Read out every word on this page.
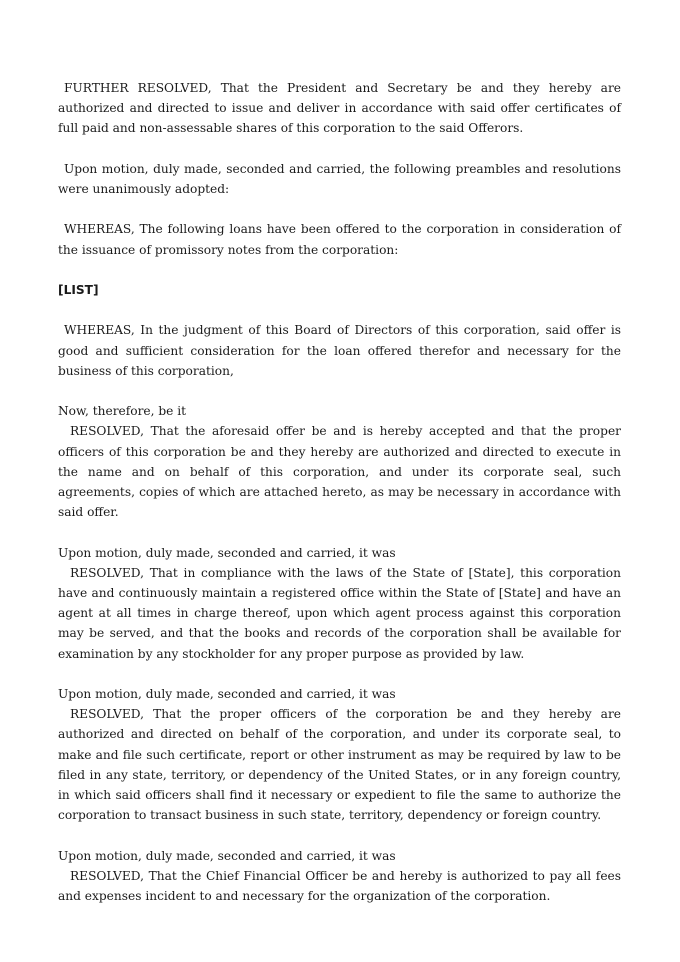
FURTHER RESOLVED, That the President and Secretary be and they hereby are authorized and directed to issue and deliver in accordance with said offer certificates of full paid and non-assessable shares of this corporation to the said Offerors.

Upon motion, duly made, seconded and carried, the following preambles and resolutions were unanimously adopted:

WHEREAS, The following loans have been offered to the corporation in consideration of the issuance of promissory notes from the corporation:

[LIST]

WHEREAS, In the judgment of this Board of Directors of this corporation, said offer is good and sufficient consideration for the loan offered therefor and necessary for the business of this corporation,

Now, therefore, be it
RESOLVED, That the aforesaid offer be and is hereby accepted and that the proper officers of this corporation be and they hereby are authorized and directed to execute in the name and on behalf of this corporation, and under its corporate seal, such agreements, copies of which are attached hereto, as may be necessary in accordance with said offer.
Upon motion, duly made, seconded and carried, it was
RESOLVED, That in compliance with the laws of the State of [State], this corporation have and continuously maintain a registered office within the State of [State] and have an agent at all times in charge thereof, upon which agent process against this corporation may be served, and that the books and records of the corporation shall be available for examination by any stockholder for any proper purpose as provided by law.
Upon motion, duly made, seconded and carried, it was
RESOLVED, That the proper officers of the corporation be and they hereby are authorized and directed on behalf of the corporation, and under its corporate seal, to make and file such certificate, report or other instrument as may be required by law to be filed in any state, territory, or dependency of the United States, or in any foreign country, in which said officers shall find it necessary or expedient to file the same to authorize the corporation to transact business in such state, territory, dependency or foreign country.
Upon motion, duly made, seconded and carried, it was
RESOLVED, That the Chief Financial Officer be and hereby is authorized to pay all fees and expenses incident to and necessary for the organization of the corporation.
